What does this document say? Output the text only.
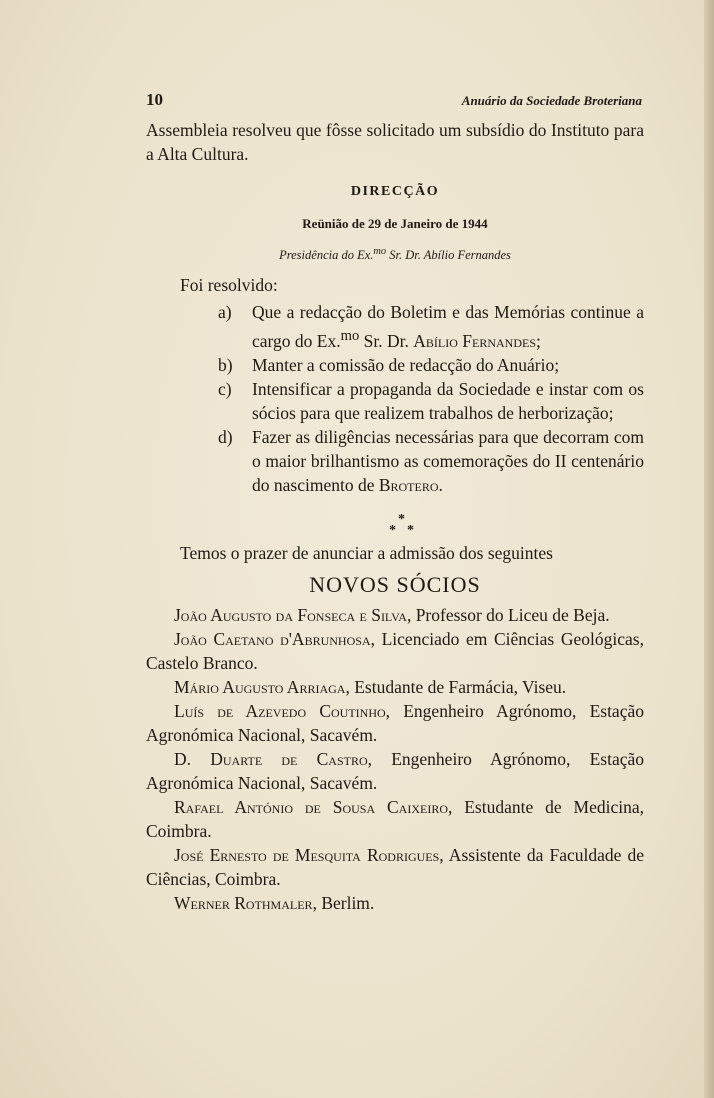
10	Anuário da Sociedade Broteriana

Assembleia resolveu que fôsse solicitado um subsídio do Instituto para a Alta Cultura.

DIRECÇÃO

Reünião de 29 de Janeiro de 1944

Presidência do Ex.$^{mo}$ Sr. Dr. Abílio Fernandes

Foi resolvido:

a) Que a redacção do Boletim e das Memórias continue a cargo do Ex.$^{mo}$ Sr. Dr. Abílio Fernandes;
b) Manter a comissão de redacção do Anuário;
c) Intensificar a propaganda da Sociedade e instar com os sócios para que realizem trabalhos de herborização;
d) Fazer as diligências necessárias para que decorram com o maior brilhantismo as comemorações do II centenário do nascimento de Brotero.
*
*
*

Temos o prazer de anunciar a admissão dos seguintes

NOVOS SÓCIOS

João Augusto da Fonseca e Silva, Professor do Liceu de Beja.

João Caetano d'Abrunhosa, Licenciado em Ciências Geológicas, Castelo Branco.

Mário Augusto Arriaga, Estudante de Farmácia, Viseu.

Luís de Azevedo Coutinho, Engenheiro Agrónomo, Estação Agronómica Nacional, Sacavém.

D. Duarte de Castro, Engenheiro Agrónomo, Estação Agronómica Nacional, Sacavém.

Rafael António de Sousa Caixeiro, Estudante de Medicina, Coimbra.

José Ernesto de Mesquita Rodrigues, Assistente da Faculdade de Ciências, Coimbra.

Werner Rothmaler, Berlim.
